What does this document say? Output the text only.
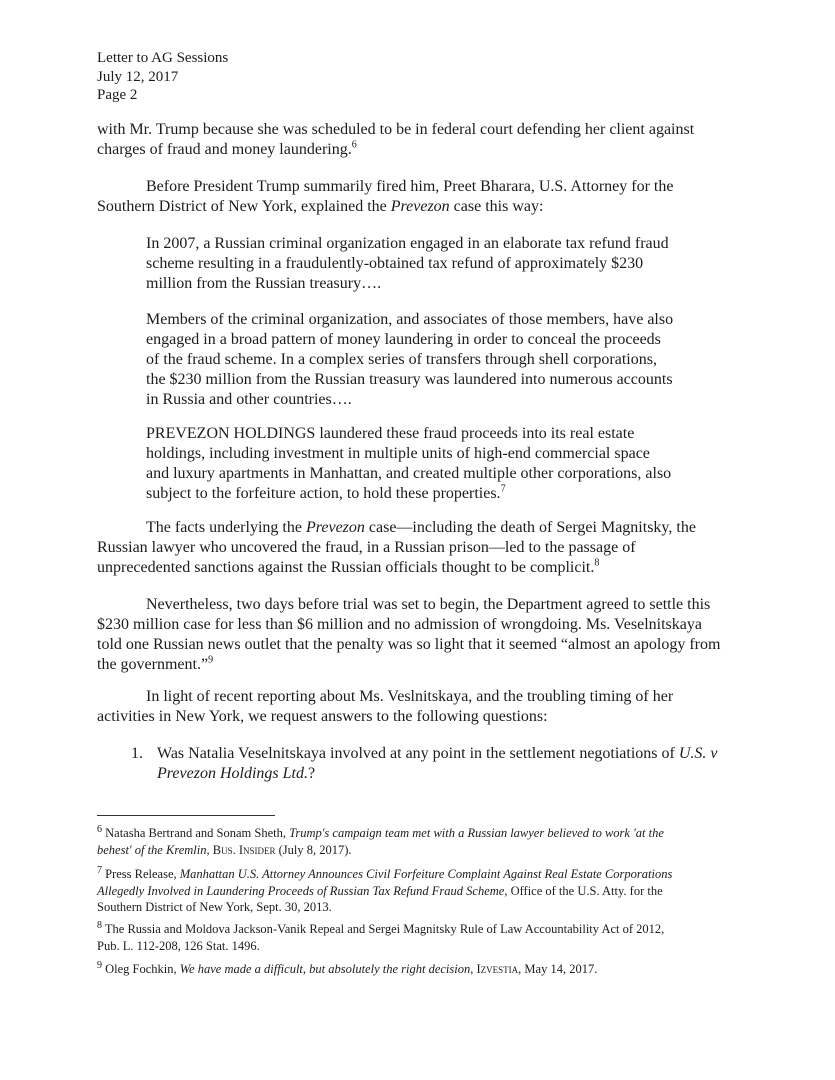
Letter to AG Sessions
July 12, 2017
Page 2
with Mr. Trump because she was scheduled to be in federal court defending her client against
charges of fraud and money laundering.$^6$
Before President Trump summarily fired him, Preet Bharara, U.S. Attorney for the
Southern District of New York, explained the Prevezon case this way:
In 2007, a Russian criminal organization engaged in an elaborate tax refund fraud
scheme resulting in a fraudulently-obtained tax refund of approximately $230
million from the Russian treasury….
Members of the criminal organization, and associates of those members, have also
engaged in a broad pattern of money laundering in order to conceal the proceeds
of the fraud scheme. In a complex series of transfers through shell corporations,
the $230 million from the Russian treasury was laundered into numerous accounts
in Russia and other countries….
PREVEZON HOLDINGS laundered these fraud proceeds into its real estate
holdings, including investment in multiple units of high-end commercial space
and luxury apartments in Manhattan, and created multiple other corporations, also
subject to the forfeiture action, to hold these properties.$^7$
The facts underlying the Prevezon case—including the death of Sergei Magnitsky, the
Russian lawyer who uncovered the fraud, in a Russian prison—led to the passage of
unprecedented sanctions against the Russian officials thought to be complicit.$^8$
Nevertheless, two days before trial was set to begin, the Department agreed to settle this
$230 million case for less than $6 million and no admission of wrongdoing. Ms. Veselnitskaya
told one Russian news outlet that the penalty was so light that it seemed “almost an apology from
the government.”$^9$
In light of recent reporting about Ms. Veslnitskaya, and the troubling timing of her
activities in New York, we request answers to the following questions:
1. Was Natalia Veselnitskaya involved at any point in the settlement negotiations of U.S. v
Prevezon Holdings Ltd.?
$^6$ Natasha Bertrand and Sonam Sheth, Trump's campaign team met with a Russian lawyer believed to work 'at the
behest' of the Kremlin, Bus. Insider (July 8, 2017).
$^7$ Press Release, Manhattan U.S. Attorney Announces Civil Forfeiture Complaint Against Real Estate Corporations
Allegedly Involved in Laundering Proceeds of Russian Tax Refund Fraud Scheme, Office of the U.S. Atty. for the
Southern District of New York, Sept. 30, 2013.
$^8$ The Russia and Moldova Jackson-Vanik Repeal and Sergei Magnitsky Rule of Law Accountability Act of 2012,
Pub. L. 112-208, 126 Stat. 1496.
$^9$ Oleg Fochkin, We have made a difficult, but absolutely the right decision, Izvestia, May 14, 2017.
